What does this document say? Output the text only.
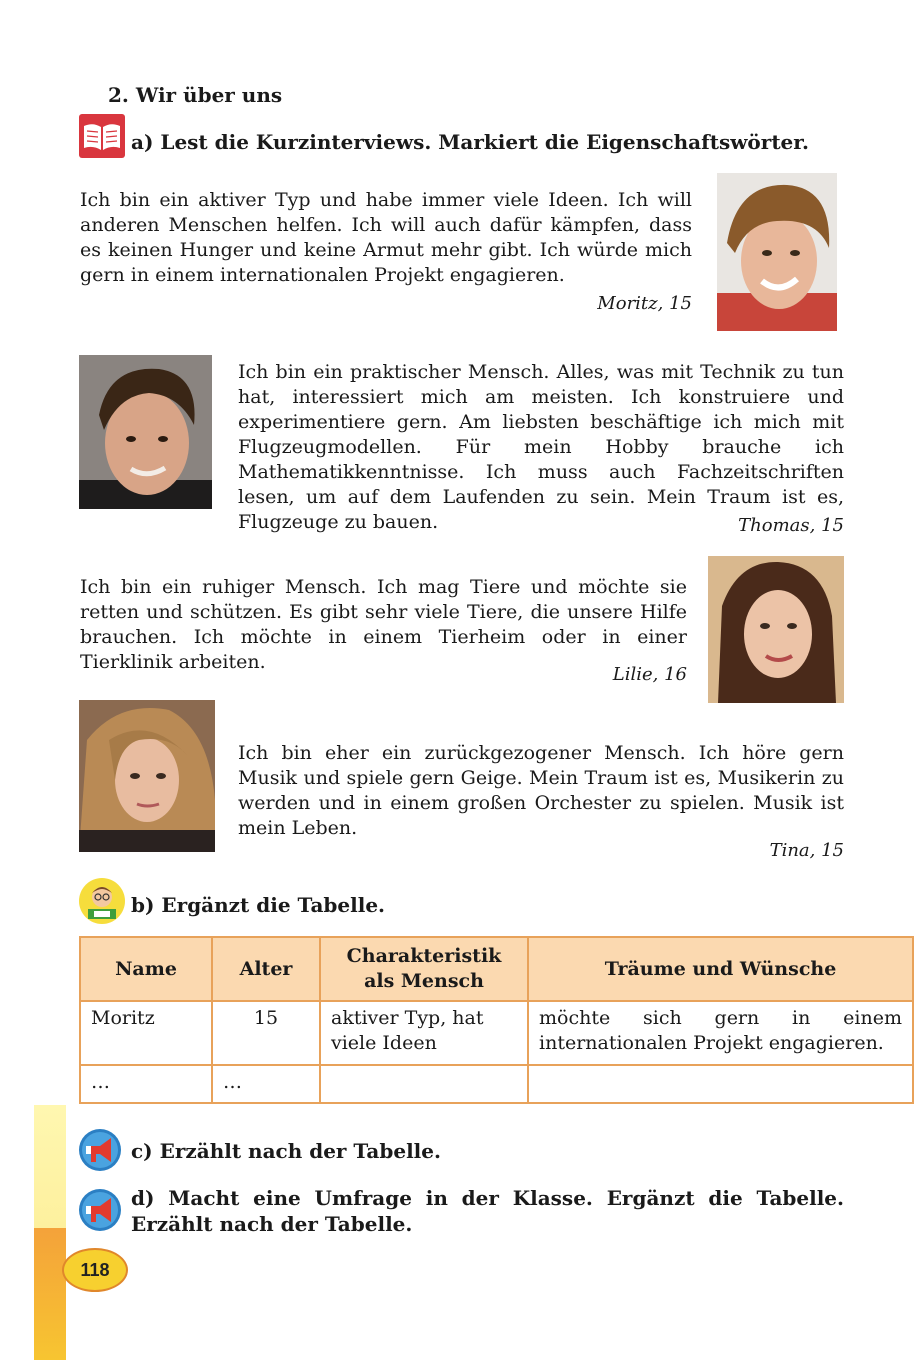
2. Wir über uns
a) Lest die Kurzinterviews. Markiert die Eigenschaftswörter.
Ich bin ein aktiver Typ und habe immer viele Ideen. Ich will anderen Menschen helfen. Ich will auch dafür kämpfen, dass es keinen Hunger und keine Armut mehr gibt. Ich würde mich gern in einem internationalen Projekt engagieren.
Moritz, 15
Ich bin ein praktischer Mensch. Alles, was mit Technik zu tun hat, interessiert mich am meisten. Ich konstruiere und experimentiere gern. Am liebsten beschäftige ich mich mit Flugzeugmodellen. Für mein Hobby brauche ich Mathematikkenntnisse. Ich muss auch Fachzeitschriften lesen, um auf dem Laufenden zu sein. Mein Traum ist es, Flugzeuge zu bauen.	Thomas, 15
Ich bin ein ruhiger Mensch. Ich mag Tiere und möchte sie retten und schützen. Es gibt sehr viele Tiere, die unsere Hilfe brauchen. Ich möchte in einem Tierheim oder in einer Tierklinik arbeiten.
Lilie, 16
Ich bin eher ein zurückgezogener Mensch. Ich höre gern Musik und spiele gern Geige. Mein Traum ist es, Musikerin zu werden und in einem großen Orchester zu spielen. Musik ist mein Leben.
Tina, 15
b) Ergänzt die Tabelle.
Name	Alter	Charakteristik als Mensch	Träume und Wünsche
Moritz	15	aktiver Typ, hat viele Ideen	möchte sich gern in einem internationalen Projekt engagieren.
…	…		
c) Erzählt nach der Tabelle.
d) Macht eine Umfrage in der Klasse. Ergänzt die Tabelle. Erzählt nach der Tabelle.
118
